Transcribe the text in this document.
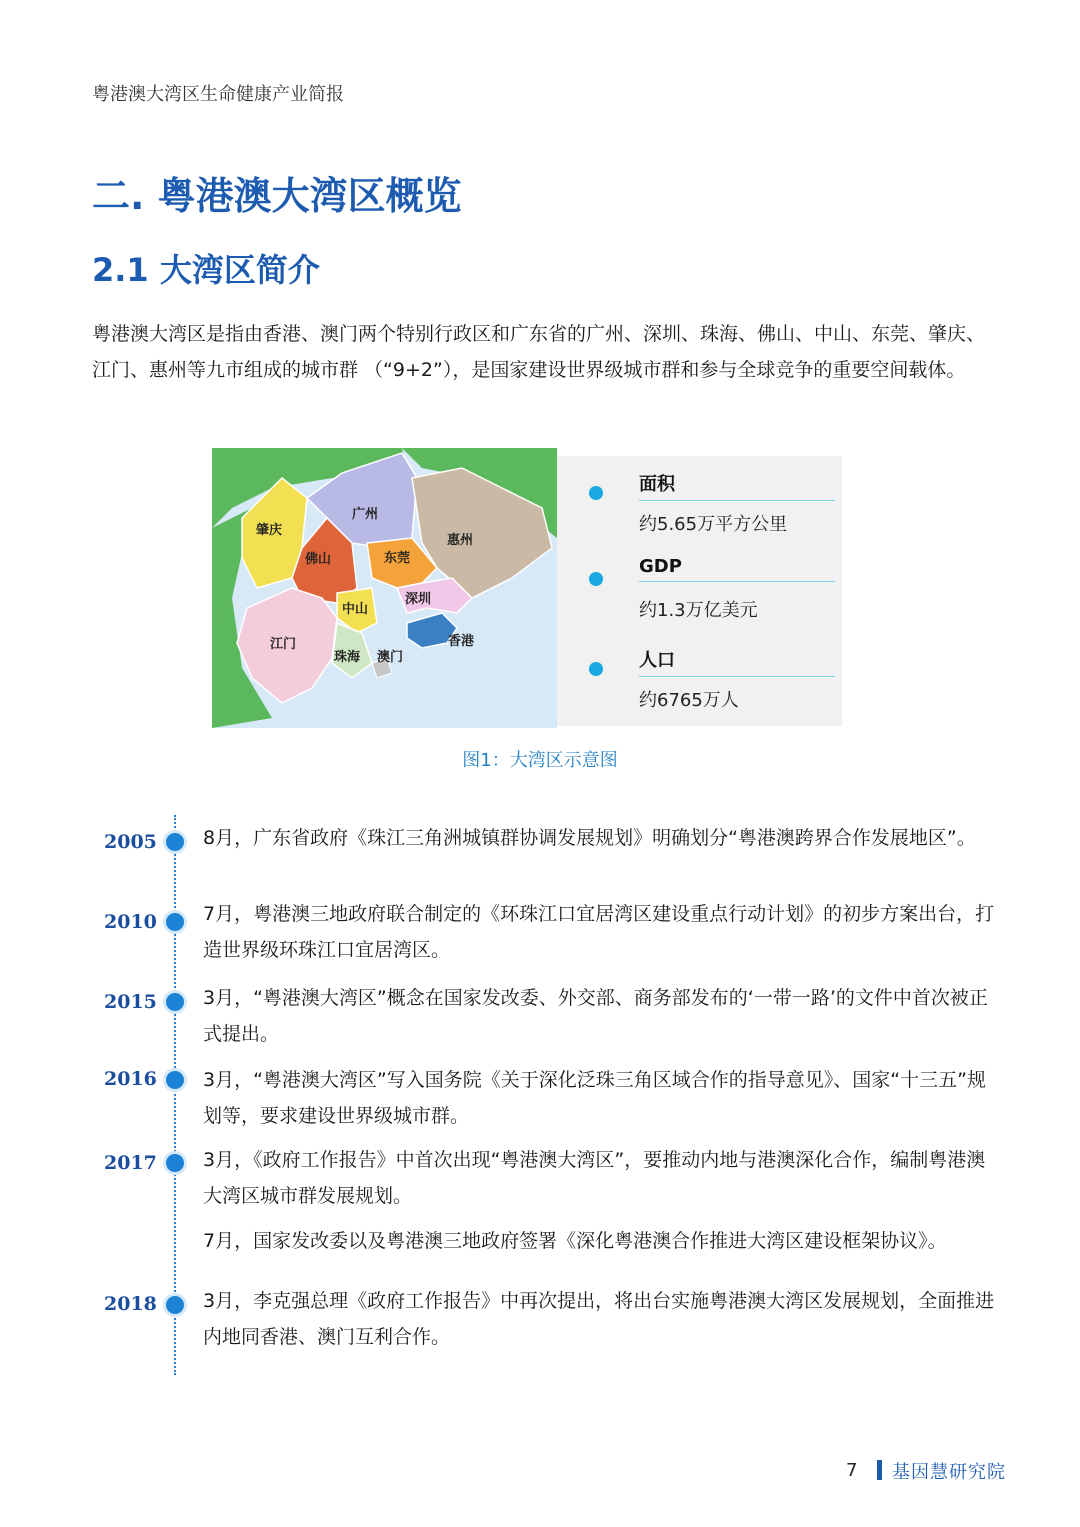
粤港澳大湾区生命健康产业简报
二. 粤港澳大湾区概览
2.1 大湾区简介
粤港澳大湾区是指由香港、澳门两个特别行政区和广东省的广州、深圳、珠海、佛山、中山、东莞、肇庆、江门、惠州等九市组成的城市群 （“9+2”），是国家建设世界级城市群和参与全球竞争的重要空间载体。
肇庆
广州
惠州
佛山	东莞
中山
深圳
江门
珠海 澳门
香港
面积
约5.65万平方公里
GDP
约1.3万亿美元
人口
约6765万人
图1：大湾区示意图
2005 8月，广东省政府《珠江三角洲城镇群协调发展规划》明确划分“粤港澳跨界合作发展地区”。
2010 7月，粤港澳三地政府联合制定的《环珠江口宜居湾区建设重点行动计划》的初步方案出台，打造世界级环珠江口宜居湾区。
2015 3月，“粤港澳大湾区”概念在国家发改委、外交部、商务部发布的‘一带一路’的文件中首次被正式提出。
2016 3月，“粤港澳大湾区”写入国务院《关于深化泛珠三角区域合作的指导意见》、国家“十三五”规划等，要求建设世界级城市群。
2017 3月，《政府工作报告》中首次出现“粤港澳大湾区”，要推动内地与港澳深化合作，编制粤港澳大湾区城市群发展规划。
7月，国家发改委以及粤港澳三地政府签署《深化粤港澳合作推进大湾区建设框架协议》。
2018 3月，李克强总理《政府工作报告》中再次提出，将出台实施粤港澳大湾区发展规划，全面推进内地同香港、澳门互利合作。
7 基因慧研究院
